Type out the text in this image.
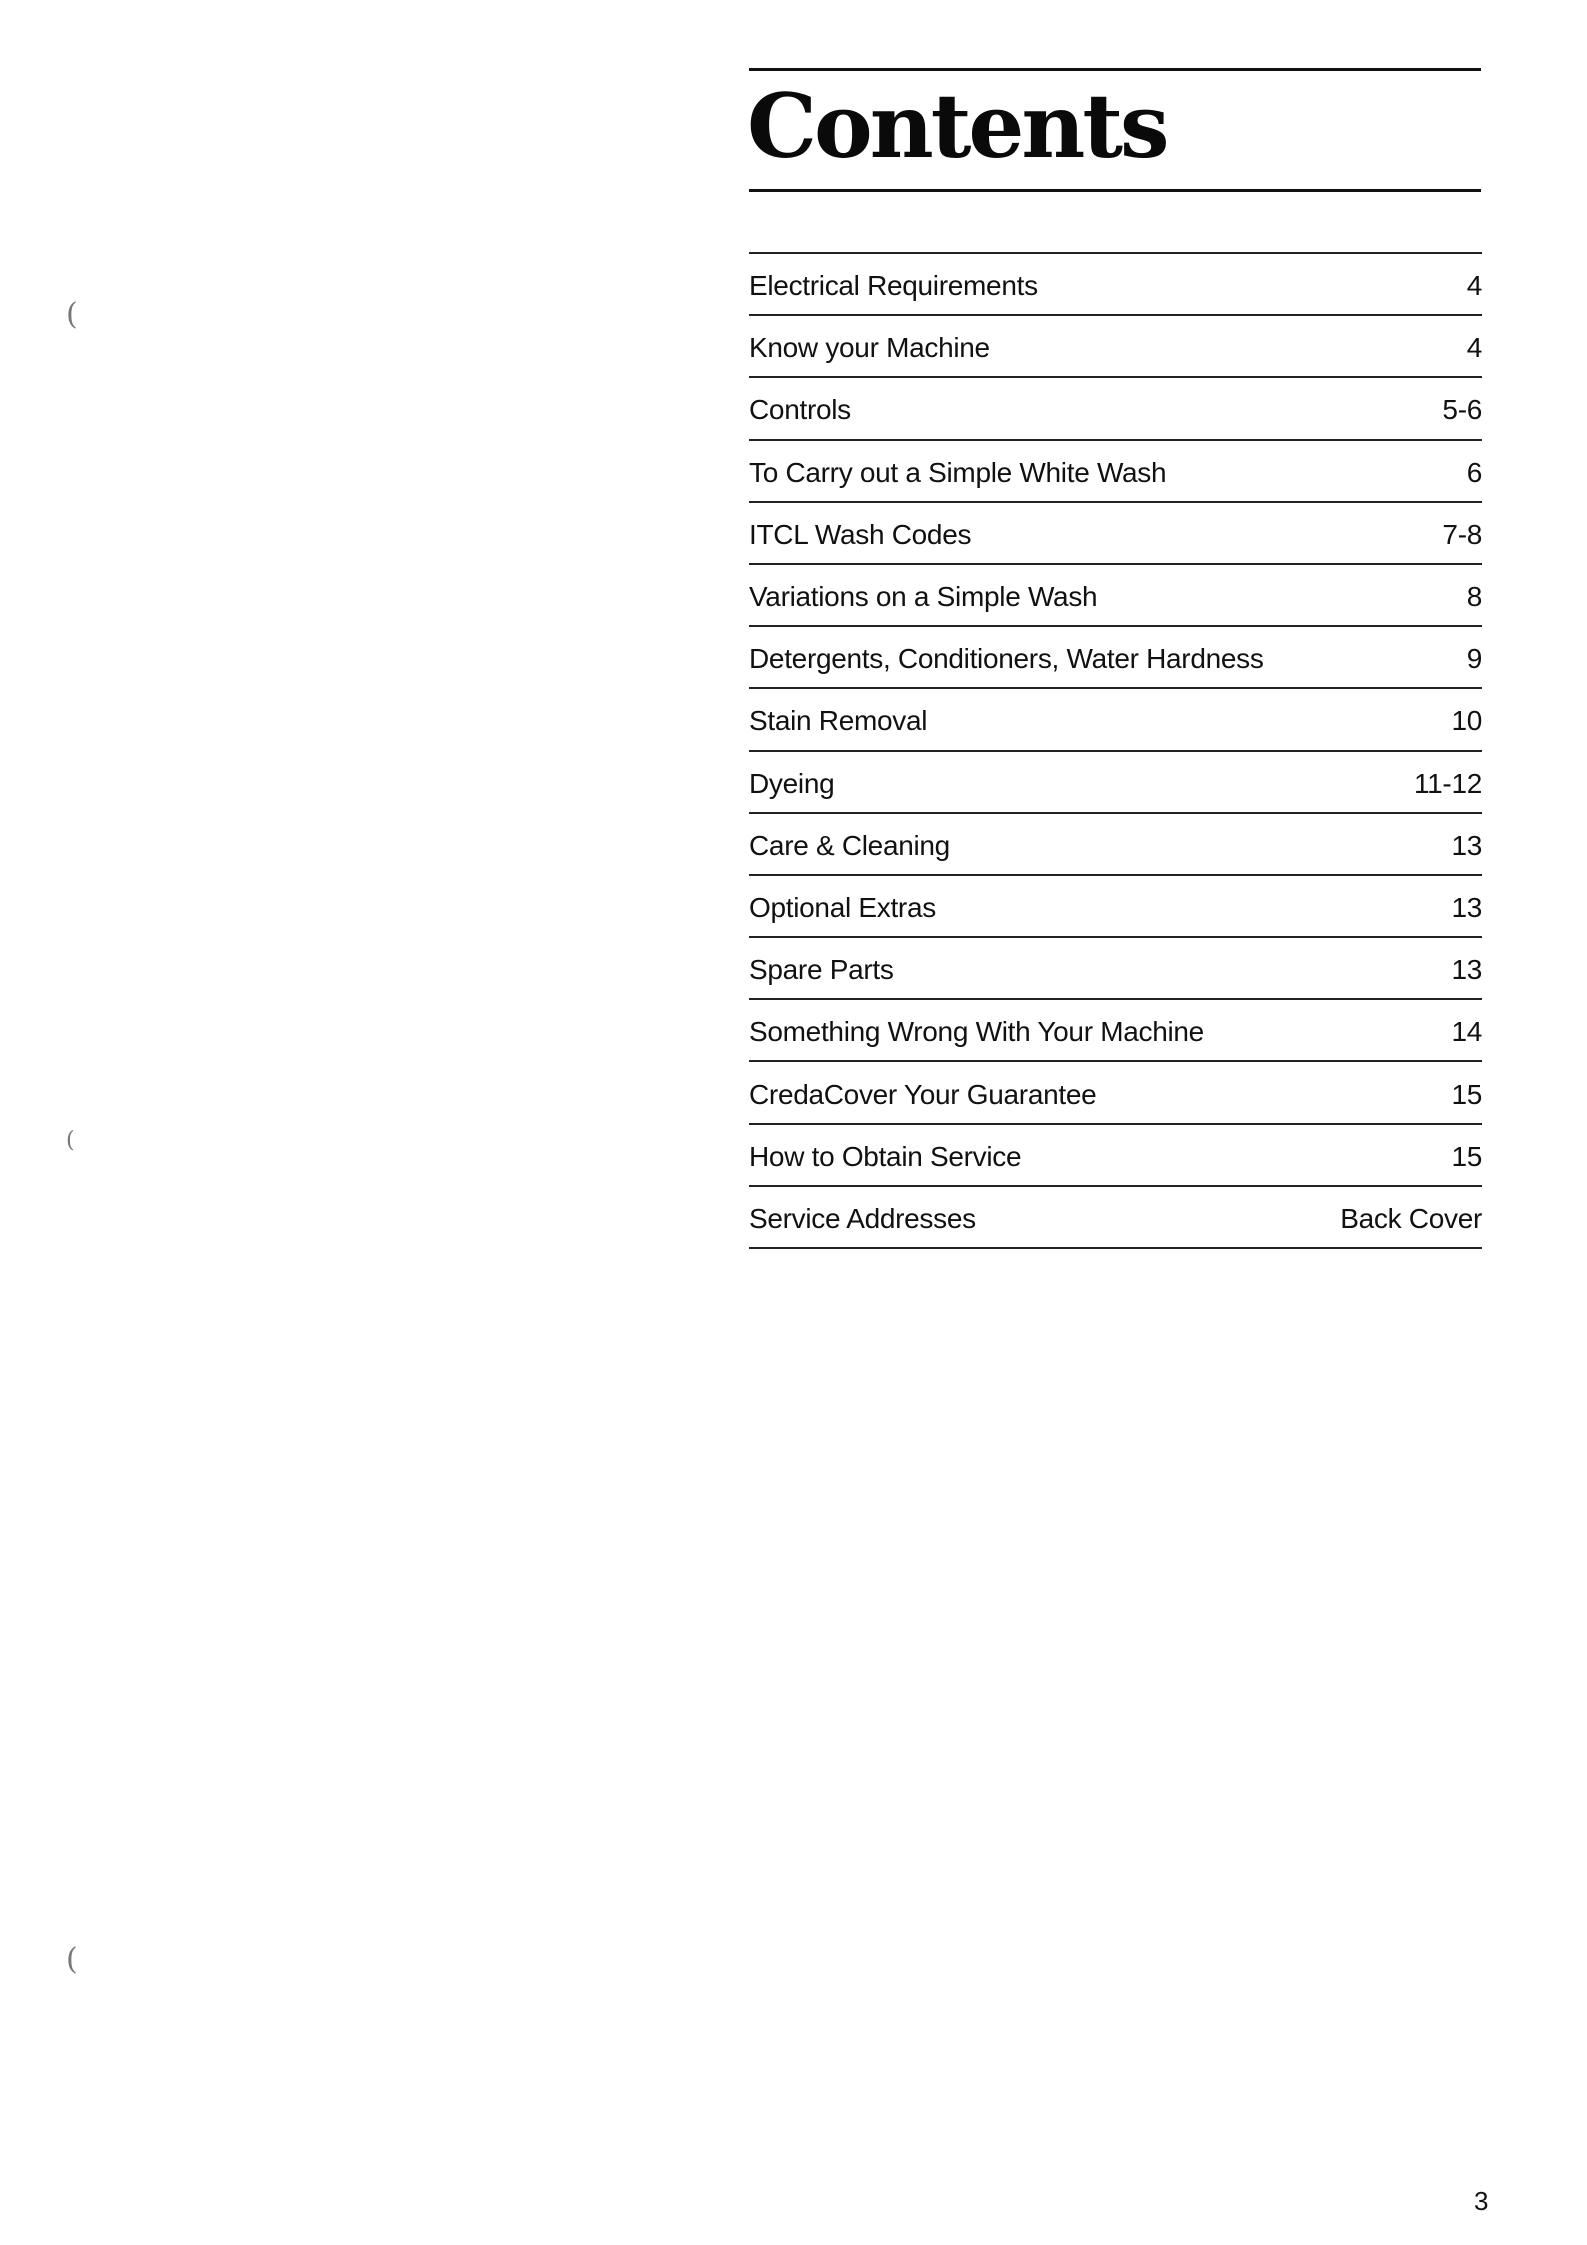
Contents
Electrical Requirements	4
Know your Machine	4
Controls	5-6
To Carry out a Simple White Wash	6
ITCL Wash Codes	7-8
Variations on a Simple Wash	8
Detergents, Conditioners, Water Hardness	9
Stain Removal	10
Dyeing	11-12
Care & Cleaning	13
Optional Extras	13
Spare Parts	13
Something Wrong With Your Machine	14
CredaCover Your Guarantee	15
How to Obtain Service	15
Service Addresses	Back Cover
3
(
(
(
